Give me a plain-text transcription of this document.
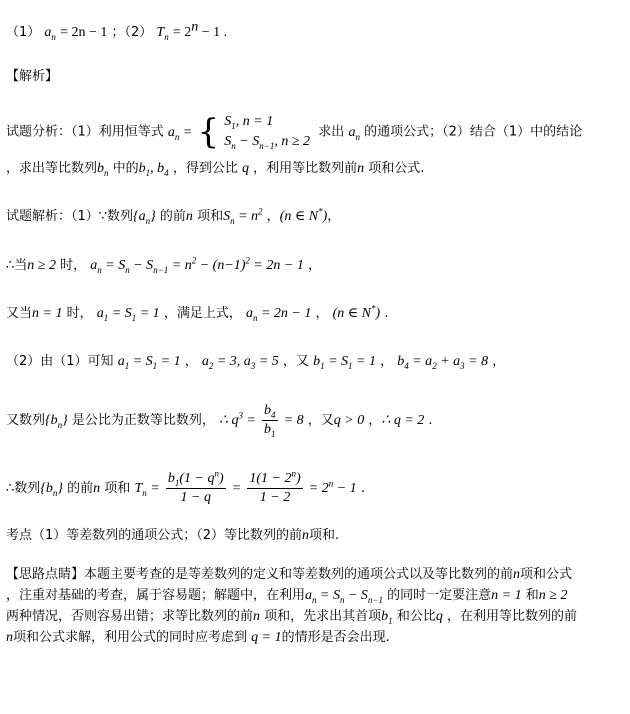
（1） $a_n = 2n - 1$ ；（2） $T_n = 2^n - 1$ .
【解析】
试题分析：（1）利用恒等式 $a_n$ = { $S_1$, n = 1
$S_n - S_{n-1}$, n ≥ 2
求出 $a_n$ 的通项公式；（2）结合（1）中的结论
，求出等比数列$b_n$ 中的$b_1$, $b_4$ ，得到公比 q ，利用等比数列前n 项和公式.
试题解析：（1）∵数列$\{a_n\}$ 的前n 项和$S_n = n^2$ ，(n ∈ N*)，
∴当n ≥ 2 时， $a_n = S_n - S_{n-1} = n^2 - (n-1)^2 = 2n - 1$ ，
又当n = 1 时， $a_1 = S_1 = 1$ ，满足上式， $a_n = 2n - 1$ ， (n ∈ N*) .
（2）由（1）可知 $a_1 = S_1 = 1$ ， $a_2 = 3$, $a_3 = 5$ ，又 $b_1 = S_1 = 1$ ， $b_4 = a_2 + a_3 = 8$ ，
又数列$\{b_n\}$ 是公比为正数等比数列， ∴ $q^3 = \frac{b_4}{b_1} = 8$ ，又q > 0 ，∴ q = 2 .
∴数列$\{b_n\}$ 的前n 项和 $T_n = \frac{b_1(1 - q^n)}{1 - q} = \frac{1(1 - 2^n)}{1 - 2} = 2^n - 1$ .
考点（1）等差数列的通项公式；（2）等比数列的前n项和.
【思路点睛】本题主要考查的是等差数列的定义和等差数列的通项公式以及等比数列的前n项和公式
，注重对基础的考查，属于容易题；解题中，在利用$a_n = S_n - S_{n-1}$ 的同时一定要注意n = 1 和n ≥ 2
两种情况，否则容易出错；求等比数列的前n 项和，先求出其首项$b_1$ 和公比q ，在利用等比数列的前
n项和公式求解，利用公式的同时应考虑到 q = 1的情形是否会出现.
